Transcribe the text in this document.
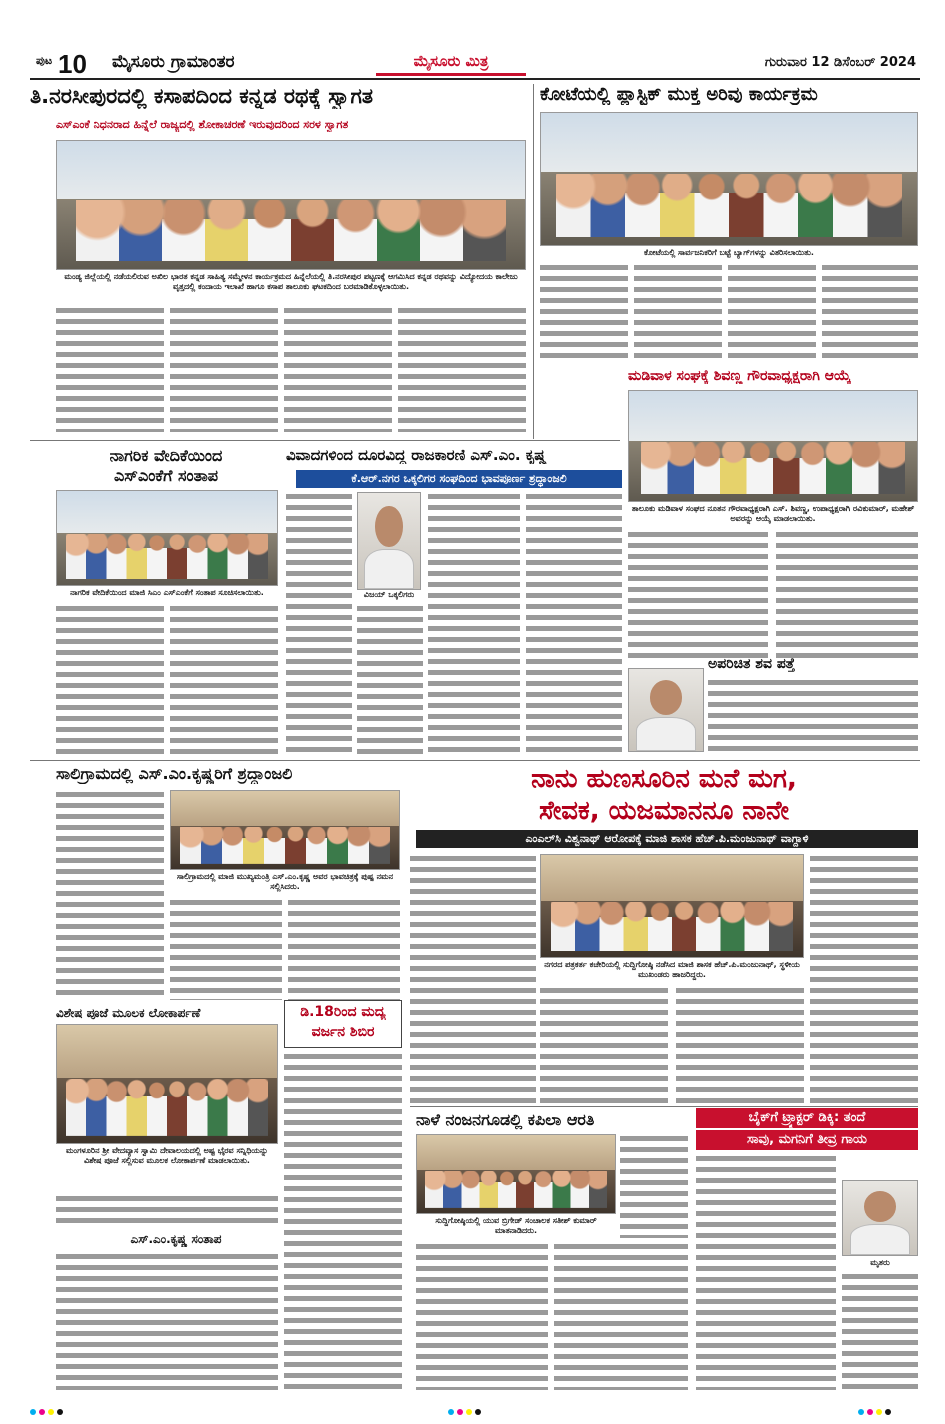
ಪುಟ 10 ಮೈಸೂರು ಗ್ರಾಮಾಂತರ	ಮೈಸೂರು ಮಿತ್ರ	ಗುರುವಾರ 12 ಡಿಸೆಂಬರ್ 2024
ತಿ.ನರಸೀಪುರದಲ್ಲಿ ಕಸಾಪದಿಂದ ಕನ್ನಡ ರಥಕ್ಕೆ ಸ್ವಾಗತ
ಎಸ್‌ಎಂಕೆ ನಿಧನರಾದ ಹಿನ್ನೆಲೆ ರಾಜ್ಯದಲ್ಲಿ ಶೋಕಾಚರಣೆ ಇರುವುದರಿಂದ ಸರಳ ಸ್ವಾಗತ
ಮಂಡ್ಯ ಜಿಲ್ಲೆಯಲ್ಲಿ ನಡೆಯಲಿರುವ ಅಖಿಲ ಭಾರತ ಕನ್ನಡ ಸಾಹಿತ್ಯ ಸಮ್ಮೇಳನ ಕಾರ್ಯಕ್ರಮದ ಹಿನ್ನೆಲೆಯಲ್ಲಿ ತಿ.ನರಸೀಪುರ ಪಟ್ಟಣಕ್ಕೆ ಆಗಮಿಸಿದ ಕನ್ನಡ ರಥವನ್ನು ವಿದ್ಯೋದಯ ಕಾಲೇಜು ವೃತ್ತದಲ್ಲಿ ಕಂದಾಯ ಇಲಾಖೆ ಹಾಗೂ ಕಸಾಪ ತಾಲೂಕು ಘಟಕದಿಂದ ಬರಮಾಡಿಕೊಳ್ಳಲಾಯಿತು.
ಕೋಟೆಯಲ್ಲಿ ಪ್ಲಾಸ್ಟಿಕ್ ಮುಕ್ತ ಅರಿವು ಕಾರ್ಯಕ್ರಮ
ಕೋಟೆಯಲ್ಲಿ ಸಾರ್ವಜನಿಕರಿಗೆ ಬಟ್ಟೆ ಬ್ಯಾಗ್‌ಗಳನ್ನು ವಿತರಿಸಲಾಯಿತು.
ಮಡಿವಾಳ ಸಂಘಕ್ಕೆ ಶಿವಣ್ಣ ಗೌರವಾಧ್ಯಕ್ಷರಾಗಿ ಆಯ್ಕೆ
ತಾಲೂಕು ಮಡಿವಾಳ ಸಂಘದ ನೂತನ ಗೌರವಾಧ್ಯಕ್ಷರಾಗಿ ಎಸ್. ಶಿವಣ್ಣ, ಉಪಾಧ್ಯಕ್ಷರಾಗಿ ರವಿಕುಮಾರ್, ಮಹೇಶ್ ಅವರನ್ನು ಆಯ್ಕೆ ಮಾಡಲಾಯಿತು.
ನಾಗರಿಕ ವೇದಿಕೆಯಿಂದ
ಎಸ್‌ಎಂಕೆಗೆ ಸಂತಾಪ
ನಾಗರಿಕ ವೇದಿಕೆಯಿಂದ ಮಾಜಿ ಸಿಎಂ ಎಸ್‌ಎಂಕೆಗೆ ಸಂತಾಪ ಸೂಚಿಸಲಾಯಿತು.
ವಿವಾದಗಳಿಂದ ದೂರವಿದ್ದ ರಾಜಕಾರಣಿ ಎಸ್.ಎಂ. ಕೃಷ್ಣ
ಕೆ.ಆರ್.ನಗರ ಒಕ್ಕಲಿಗರ ಸಂಘದಿಂದ ಭಾವಪೂರ್ಣ ಶ್ರದ್ಧಾಂಜಲಿ
ವಿಜಯ್ ಒಕ್ಕಲಿಗರು
ಅಪರಿಚಿತ ಶವ ಪತ್ತೆ
ಸಾಲಿಗ್ರಾಮದಲ್ಲಿ ಎಸ್.ಎಂ.ಕೃಷ್ಣರಿಗೆ ಶ್ರದ್ಧಾಂಜಲಿ
ಸಾಲಿಗ್ರಾಮದಲ್ಲಿ ಮಾಜಿ ಮುಖ್ಯಮಂತ್ರಿ ಎಸ್.ಎಂ.ಕೃಷ್ಣ ಅವರ ಭಾವಚಿತ್ರಕ್ಕೆ ಪುಷ್ಪ ನಮನ ಸಲ್ಲಿಸಿದರು.
ನಾನು ಹುಣಸೂರಿನ ಮನೆ ಮಗ,
ಸೇವಕ, ಯಜಮಾನನೂ ನಾನೇ
ಎಂಎಲ್‌ಸಿ ವಿಶ್ವನಾಥ್ ಆರೋಪಕ್ಕೆ ಮಾಜಿ ಶಾಸಕ ಹೆಚ್.ಪಿ.ಮಂಜುನಾಥ್ ವಾಗ್ದಾಳಿ
ನಗರದ ಪತ್ರಕರ್ತ ಕಚೇರಿಯಲ್ಲಿ ಸುದ್ದಿಗೋಷ್ಠಿ ನಡೆಸಿದ ಮಾಜಿ ಶಾಸಕ ಹೆಚ್.ಪಿ.ಮಂಜುನಾಥ್, ಸ್ಥಳೀಯ ಮುಖಂಡರು ಹಾಜರಿದ್ದರು.
ಡಿ.18ರಿಂದ ಮದ್ಯ
ವರ್ಜನ ಶಿಬಿರ
ವಿಶೇಷ ಪೂಜೆ ಮೂಲಕ ಲೋಕಾರ್ಪಣೆ
ಮಂಗಳೂರಿನ ಶ್ರೀ ವೇದವ್ಯಾಸ ಸ್ವಾಮಿ ದೇವಾಲಯದಲ್ಲಿ ಅಷ್ಟ ಭೈರವ ಸನ್ನಿಧಿಯನ್ನು ವಿಶೇಷ ಪೂಜೆ ಸಲ್ಲಿಸುವ ಮೂಲಕ ಲೋಕಾರ್ಪಣೆ ಮಾಡಲಾಯಿತು.
ಎಸ್.ಎಂ.ಕೃಷ್ಣ ಸಂತಾಪ
ನಾಳೆ ನಂಜನಗೂಡಲ್ಲಿ ಕಪಿಲಾ ಆರತಿ
ಸುದ್ದಿಗೋಷ್ಠಿಯಲ್ಲಿ ಯುವ ಬ್ರಿಗೇಡ್ ಸಂಚಾಲಕ ಸತೀಶ್ ಕುಮಾರ್ ಮಾತನಾಡಿದರು.
ಬೈಕ್‌ಗೆ ಟ್ರ್ಯಾಕ್ಟರ್ ಡಿಕ್ಕಿ: ತಂದೆ
ಸಾವು, ಮಗನಿಗೆ ತೀವ್ರ ಗಾಯ
ಮೃತರು
